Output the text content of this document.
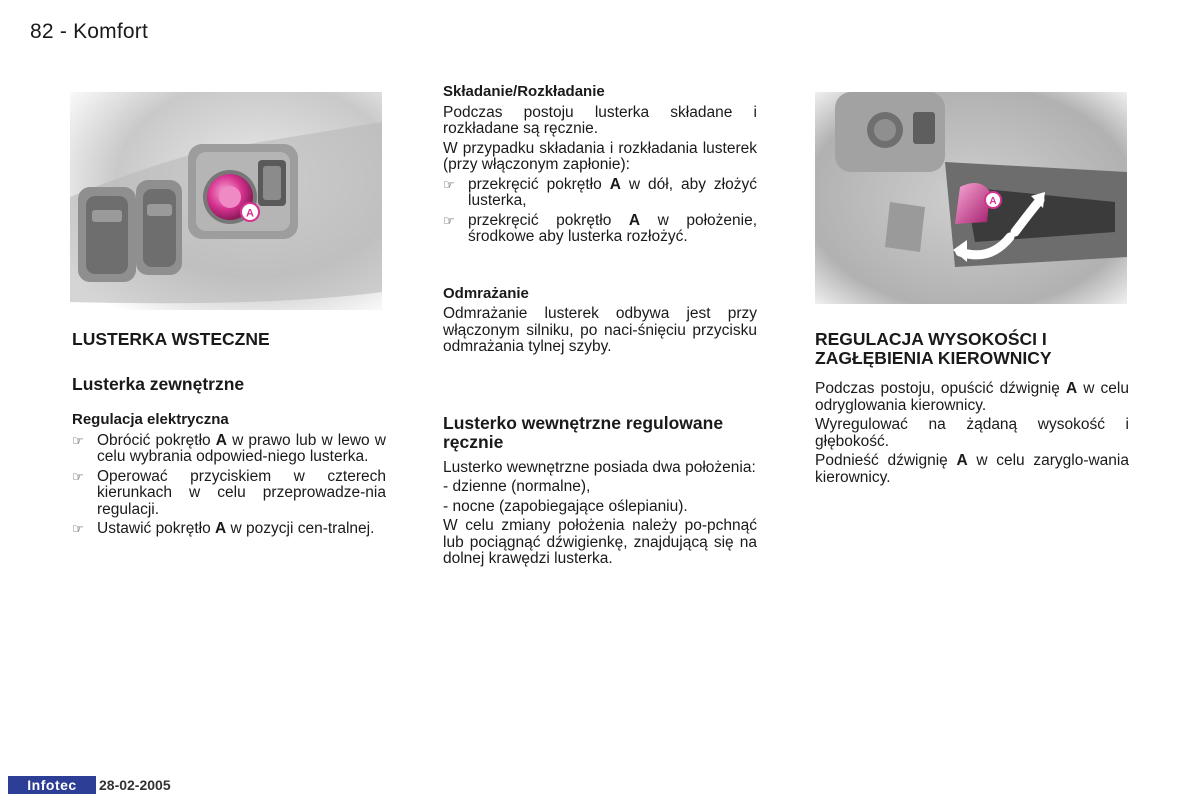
82 - Komfort
A
A
LUSTERKA WSTECZNE
Lusterka zewnętrzne
Regulacja elektryczna

☞ Obrócić pokrętło A w prawo lub w lewo w celu wybrania odpowied-niego lusterka.

☞ Operować przyciskiem w czterech kierunkach w celu przeprowadze-nia regulacji.

☞ Ustawić pokrętło A w pozycji cen-tralnej.

Składanie/Rozkładanie

Podczas postoju lusterka składane i rozkładane są ręcznie.

W przypadku składania i rozkładania lusterek (przy włączonym zapłonie):

☞ przekręcić pokrętło A w dół, aby złożyć lusterka,

☞ przekręcić pokrętło A w położenie, środkowe aby lusterka rozłożyć.

Odmrażanie

Odmrażanie lusterek odbywa jest przy włączonym silniku, po naci-śnięciu przycisku odmrażania tylnej szyby.

Lusterko wewnętrzne regulowane ręcznie

Lusterko wewnętrzne posiada dwa położenia:

- dzienne (normalne),

- nocne (zapobiegające oślepianiu).

W celu zmiany położenia należy po-pchnąć lub pociągnąć dźwigienkę, znajdującą się na dolnej krawędzi lusterka.

REGULACJA WYSOKOŚCI I ZAGŁĘBIENIA KIEROWNICY

Podczas postoju, opuścić dźwignię A w celu odryglowania kierownicy.

Wyregulować na żądaną wysokość i głębokość.

Podnieść dźwignię A w celu zaryglo-wania kierownicy.

Infotec	28-02-2005
